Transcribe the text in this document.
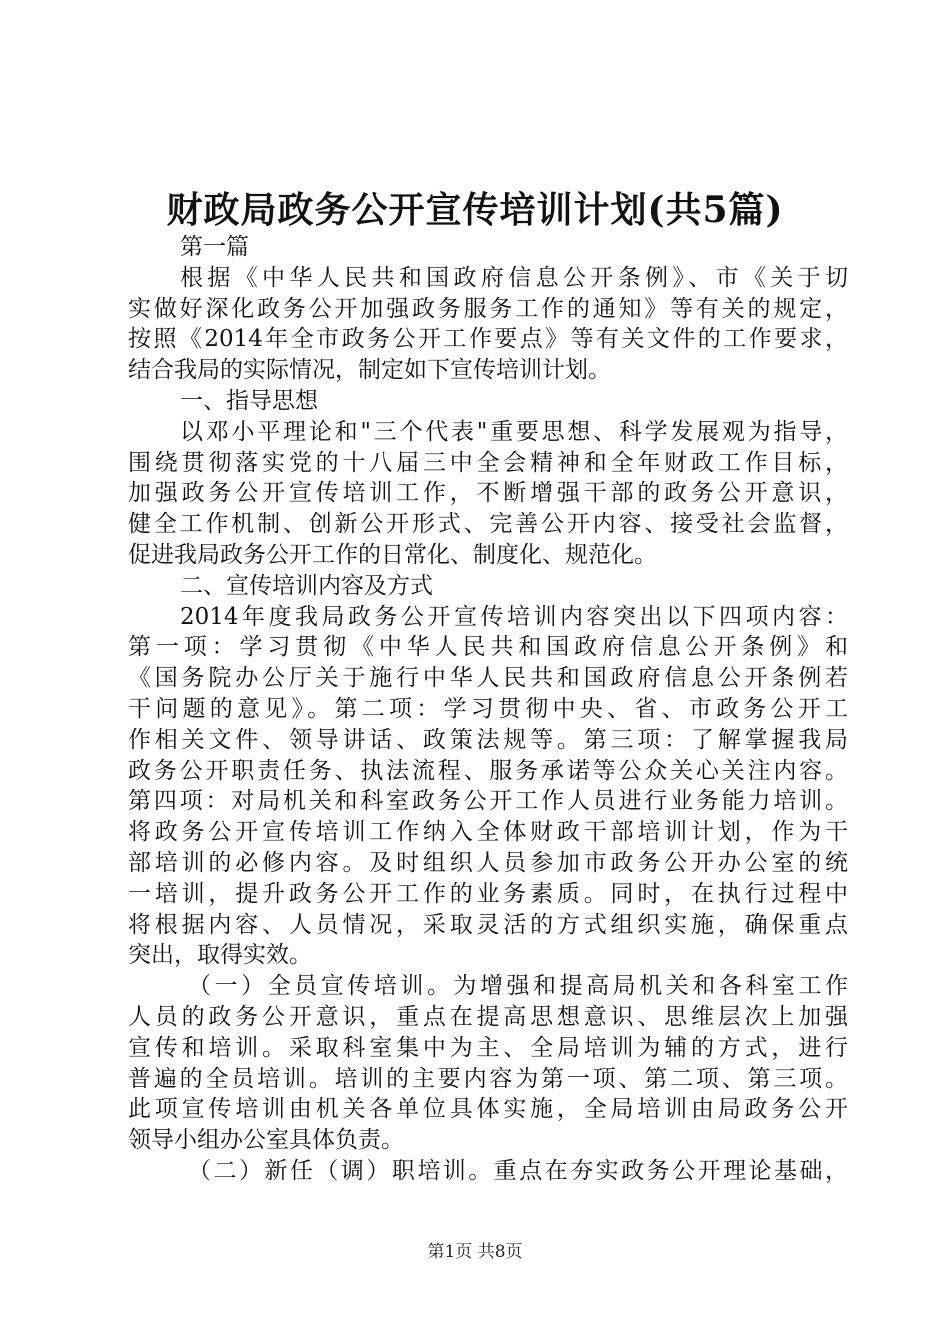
财政局政务公开宣传培训计划(共5篇)
第一篇
根据《中华人民共和国政府信息公开条例》、市《关于切
实做好深化政务公开加强政务服务工作的通知》等有关的规定，
按照《2014年全市政务公开工作要点》等有关文件的工作要求，
结合我局的实际情况，制定如下宣传培训计划。
一、指导思想
以邓小平理论和"三个代表"重要思想、科学发展观为指导，
围绕贯彻落实党的十八届三中全会精神和全年财政工作目标，
加强政务公开宣传培训工作，不断增强干部的政务公开意识，
健全工作机制、创新公开形式、完善公开内容、接受社会监督，
促进我局政务公开工作的日常化、制度化、规范化。
二、宣传培训内容及方式
2014年度我局政务公开宣传培训内容突出以下四项内容：
第一项：学习贯彻《中华人民共和国政府信息公开条例》和
《国务院办公厅关于施行中华人民共和国政府信息公开条例若
干问题的意见》。第二项：学习贯彻中央、省、市政务公开工
作相关文件、领导讲话、政策法规等。第三项：了解掌握我局
政务公开职责任务、执法流程、服务承诺等公众关心关注内容。
第四项：对局机关和科室政务公开工作人员进行业务能力培训。
将政务公开宣传培训工作纳入全体财政干部培训计划，作为干
部培训的必修内容。及时组织人员参加市政务公开办公室的统
一培训，提升政务公开工作的业务素质。同时，在执行过程中
将根据内容、人员情况，采取灵活的方式组织实施，确保重点
突出，取得实效。
（一）全员宣传培训。为增强和提高局机关和各科室工作
人员的政务公开意识，重点在提高思想意识、思维层次上加强
宣传和培训。采取科室集中为主、全局培训为辅的方式，进行
普遍的全员培训。培训的主要内容为第一项、第二项、第三项。
此项宣传培训由机关各单位具体实施，全局培训由局政务公开
领导小组办公室具体负责。
（二）新任（调）职培训。重点在夯实政务公开理论基础，
第1页 共8页
